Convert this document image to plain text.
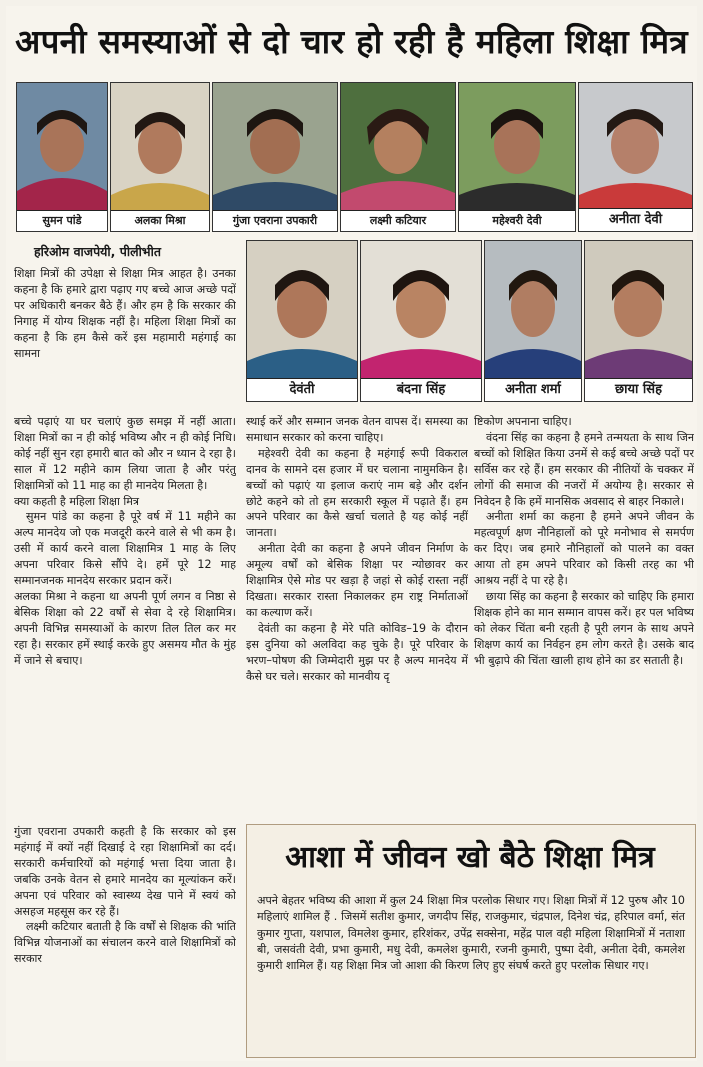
अपनी समस्याओं से दो चार हो रही है महिला शिक्षा मित्र
सुमन पांडे	अलका मिश्रा	गुंजा एवराना उपकारी	लक्ष्मी कटियार	महेश्वरी देवी	अनीता देवी
हरिओम वाजपेयी, पीलीभीत
देवंती	बंदना सिंह	अनीता शर्मा	छाया सिंह

शिक्षा मित्रों की उपेक्षा से शिक्षा मित्र आहत है। उनका कहना है कि हमारे द्वारा पढ़ाए गए बच्चे आज अच्छे पदों पर अधिकारी बनकर बैठे हैं। और हम है कि सरकार की निगाह में योग्य शिक्षक नहीं है। महिला शिक्षा मित्रों का कहना है कि हम कैसे करें इस महामारी महंगाई का सामना

बच्चे पढ़ाएं या घर चलाएं कुछ समझ में नहीं आता। शिक्षा मित्रों का न ही कोई भविष्य और न ही कोई निधि। कोई नहीं सुन रहा हमारी बात को और न ध्यान दे रहा है। साल में 12 महीने काम लिया जाता है और परंतु शिक्षामित्रों को 11 माह का ही मानदेय मिलता है।

क्या कहती है महिला शिक्षा मित्र

सुमन पांडे का कहना है पूरे वर्ष में 11 महीने का अल्प मानदेय जो एक मजदूरी करने वाले से भी कम है। उसी में कार्य करने वाला शिक्षामित्र 1 माह के लिए अपना परिवार किसे सौंपे दे। हमें पूरे 12 माह सम्मानजनक मानदेय सरकार प्रदान करें।

अलका मिश्रा ने कहना था अपनी पूर्ण लगन व निष्ठा से बेसिक शिक्षा को 22 वर्षों से सेवा दे रहे शिक्षामित्र। अपनी विभिन्न समस्याओं के कारण तिल तिल कर मर रहा है। सरकार हमें स्थाई करके हुए असमय मौत के मुंह में जाने से बचाए।

गुंजा एवराना उपकारी कहती है कि सरकार को इस महंगाई में क्यों नहीं दिखाई दे रहा शिक्षामित्रों का दर्द। सरकारी कर्मचारियों को महंगाई भत्ता दिया जाता है। जबकि उनके वेतन से हमारे मानदेय का मूल्यांकन करें। अपना एवं परिवार को स्वास्थ्य देख पाने में स्वयं को असहज महसूस कर रहे हैं।

लक्ष्मी कटियार बताती है कि वर्षों से शिक्षक की भांति विभिन्न योजनाओं का संचालन करने वाले शिक्षामित्रों को सरकार

स्थाई करें और सम्मान जनक वेतन वापस दें। समस्या का समाधान सरकार को करना चाहिए।

महेश्वरी देवी का कहना है महंगाई रूपी विकराल दानव के सामने दस हजार में घर चलाना नामुमकिन है। बच्चों को पढ़ाएं या इलाज कराएं नाम बड़े और दर्शन छोटे कहने को तो हम सरकारी स्कूल में पढ़ाते हैं। हम अपने परिवार का कैसे खर्चा चलाते है यह कोई नहीं जानता।

अनीता देवी का कहना है अपने जीवन निर्माण के अमूल्य वर्षों को बेसिक शिक्षा पर न्योछावर कर शिक्षामित्र ऐसे मोड पर खड़ा है जहां से कोई रास्ता नहीं दिखता। सरकार रास्ता निकालकर हम राष्ट्र निर्माताओं का कल्याण करें।

देवंती का कहना है मेरे पति कोविड–19 के दौरान इस दुनिया को अलविदा कह चुके है। पूरे परिवार के भरण–पोषण की जिम्मेदारी मुझ पर है अल्प मानदेय में कैसे घर चले। सरकार को मानवीय दृ

ष्टिकोण अपनाना चाहिए।

वंदना सिंह का कहना है हमने तन्मयता के साथ जिन बच्चों को शिक्षित किया उनमें से कई बच्चे अच्छे पदों पर सर्विस कर रहे हैं। हम सरकार की नीतियों के चक्कर में लोगों की समाज की नजरों में अयोग्य है। सरकार से निवेदन है कि हमें मानसिक अवसाद से बाहर निकाले।

अनीता शर्मा का कहना है हमने अपने जीवन के महत्वपूर्ण क्षण नौनिहालों को पूरे मनोभाव से समर्पण कर दिए। जब हमारे नौनिहालों को पालने का वक्त आया तो हम अपने परिवार को किसी तरह का भी आश्रय नहीं दे पा रहे है।

छाया सिंह का कहना है सरकार को चाहिए कि हमारा शिक्षक होने का मान सम्मान वापस करें। हर पल भविष्य को लेकर चिंता बनी रहती है पूरी लगन के साथ अपने शिक्षण कार्य का निर्वहन हम लोग करते है। उसके बाद भी बुढ़ापे की चिंता खाली हाथ होने का डर सताती है।

आशा में जीवन खो बैठे शिक्षा मित्र
अपने बेहतर भविष्य की आशा में कुल 24 शिक्षा मित्र परलोक सिधार गए। शिक्षा मित्रों में 12 पुरुष और 10 महिलाएं शामिल हैं . जिसमें सतीश कुमार, जगदीप सिंह, राजकुमार, चंद्रपाल, दिनेश चंद्र, हरिपाल वर्मा, संत कुमार गुप्ता, यशपाल, विमलेश कुमार, हरिशंकर, उपेंद्र सक्सेना, महेंद्र पाल वही महिला शिक्षामित्रों में नताशा बी, जसवंती देवी, प्रभा कुमारी, मधु देवी, कमलेश कुमारी, रजनी कुमारी, पुष्पा देवी, अनीता देवी, कमलेश कुमारी शामिल हैं। यह शिक्षा मित्र जो आशा की किरण लिए हुए संघर्ष करते हुए परलोक सिधार गए।
